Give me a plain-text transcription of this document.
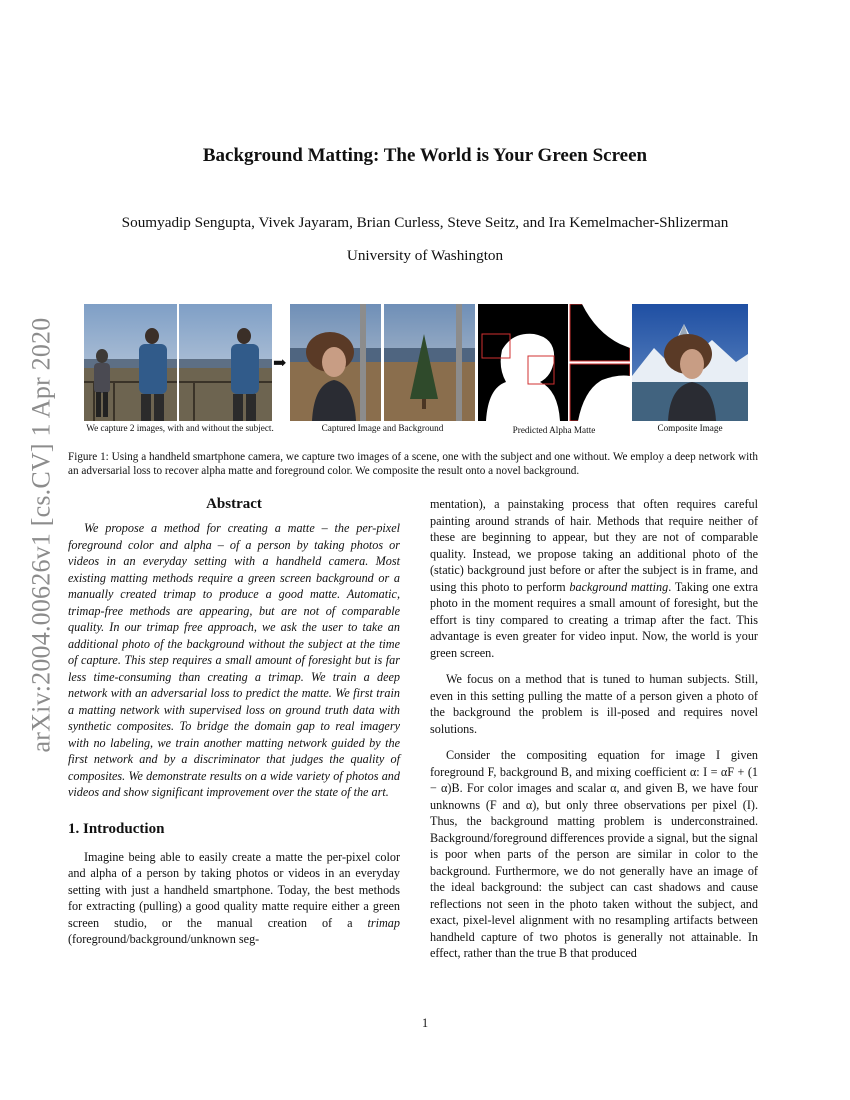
arXiv:2004.00626v1 [cs.CV] 1 Apr 2020
Background Matting: The World is Your Green Screen
Soumyadip Sengupta, Vivek Jayaram, Brian Curless, Steve Seitz, and Ira Kemelmacher-Shlizerman
University of Washington
➡
We capture 2 images, with and without the subject.	Captured Image and Background	Predicted Alpha Matte	Composite Image
Figure 1: Using a handheld smartphone camera, we capture two images of a scene, one with the subject and one without. We employ a deep network with an adversarial loss to recover alpha matte and foreground color. We composite the result onto a novel background.
Abstract

We propose a method for creating a matte – the per-pixel foreground color and alpha – of a person by taking photos or videos in an everyday setting with a handheld camera. Most existing matting methods require a green screen background or a manually created trimap to produce a good matte. Automatic, trimap-free methods are appearing, but are not of comparable quality. In our trimap free approach, we ask the user to take an additional photo of the background without the subject at the time of capture. This step requires a small amount of foresight but is far less time-consuming than creating a trimap. We train a deep network with an adversarial loss to predict the matte. We first train a matting network with supervised loss on ground truth data with synthetic composites. To bridge the domain gap to real imagery with no labeling, we train another matting network guided by the first network and by a discriminator that judges the quality of composites. We demonstrate results on a wide variety of photos and videos and show significant improvement over the state of the art.

1. Introduction

Imagine being able to easily create a matte the per-pixel color and alpha of a person by taking photos or videos in an everyday setting with just a handheld smartphone. Today, the best methods for extracting (pulling) a good quality matte require either a green screen studio, or the manual creation of a trimap (foreground/background/unknown seg-

mentation), a painstaking process that often requires careful painting around strands of hair. Methods that require neither of these are beginning to appear, but they are not of comparable quality. Instead, we propose taking an additional photo of the (static) background just before or after the subject is in frame, and using this photo to perform background matting. Taking one extra photo in the moment requires a small amount of foresight, but the effort is tiny compared to creating a trimap after the fact. This advantage is even greater for video input. Now, the world is your green screen.

We focus on a method that is tuned to human subjects. Still, even in this setting pulling the matte of a person given a photo of the background the problem is ill-posed and requires novel solutions.

Consider the compositing equation for image I given foreground F, background B, and mixing coefficient α: I = αF + (1 − α)B. For color images and scalar α, and given B, we have four unknowns (F and α), but only three observations per pixel (I). Thus, the background matting problem is underconstrained. Background/foreground differences provide a signal, but the signal is poor when parts of the person are similar in color to the background. Furthermore, we do not generally have an image of the ideal background: the subject can cast shadows and cause reflections not seen in the photo taken without the subject, and exact, pixel-level alignment with no resampling artifacts between handheld capture of two photos is generally not attainable. In effect, rather than the true B that produced

1
